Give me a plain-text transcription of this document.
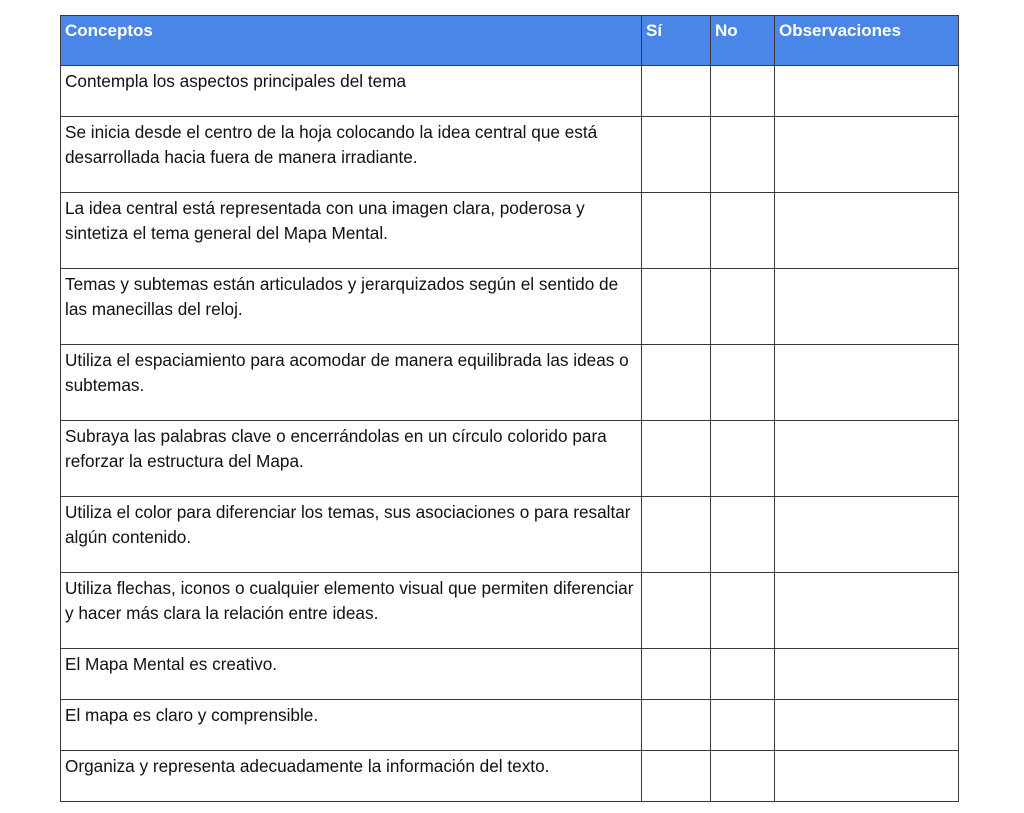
Conceptos	Sí	No	Observaciones
Contempla los aspectos principales del tema			
Se inicia desde el centro de la hoja colocando la idea central que está desarrollada hacia fuera de manera irradiante.			
La idea central está representada con una imagen clara, poderosa y sintetiza el tema general del Mapa Mental.			
Temas y subtemas están articulados y jerarquizados según el sentido de las manecillas del reloj.			
Utiliza el espaciamiento para acomodar de manera equilibrada las ideas o subtemas.			
Subraya las palabras clave o encerrándolas en un círculo colorido para reforzar la estructura del Mapa.			
Utiliza el color para diferenciar los temas, sus asociaciones o para resaltar algún contenido.			
Utiliza flechas, iconos o cualquier elemento visual que permiten diferenciar y hacer más clara la relación entre ideas.			
El Mapa Mental es creativo.			
El mapa es claro y comprensible.			
Organiza y representa adecuadamente la información del texto.			
